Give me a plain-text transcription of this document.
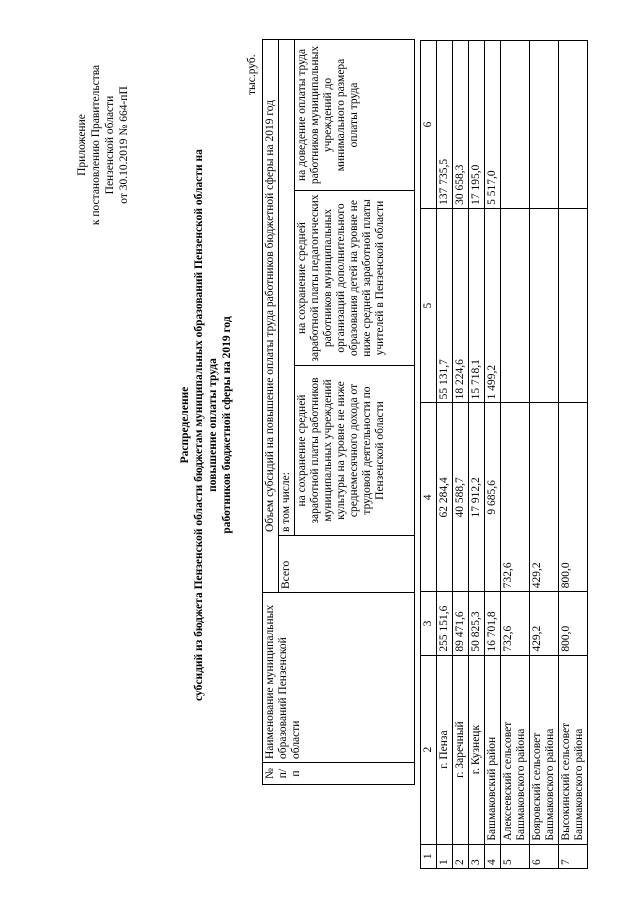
Приложение к постановлению Правительства Пензенской области от 30.10.2019 № 664-пП
Распределение субсидий из бюджета Пензенской области бюджетам муниципальных образований Пензенской области на повышение оплаты труда работников бюджетной сферы на 2019 год
тыс.руб.
№ п/п	Наименование муниципальных образований Пензенской области	Объем субсидий на повышение оплаты труда работников бюджетной сферы на 2019 год			
		Всего	в том числе:		
			на сохранение средней заработной платы работников муниципальных учреждений культуры на уровне не ниже среднемесячного дохода от трудовой деятельности по Пензенской области	на сохранение средней заработной платы педагогических работников муниципальных организаций дополнительного образования детей на уровне не ниже средней заработной платы учителей в Пензенской области	на доведение оплаты труда работников муниципальных учреждений до минимального размера оплаты труда
1	2	3	4	5	6
1	г. Пенза	255 151,6	62 284,4	55 131,7	137 735,5
2	г. Заречный	89 471,6	40 588,7	18 224,6	30 658,3
3	г. Кузнецк	50 825,3	17 912,2	15 718,1	17 195,0
4	Башмаковский район	16 701,8	9 685,6	1 499,2	5 517,0
5	Алексеевский сельсовет Башмаковского района	732,6	732,6		
6	Бояровский сельсовет Башмаковского района	429,2	429,2		
7	Высокинский сельсовет Башмаковского района	800,0	800,0		
